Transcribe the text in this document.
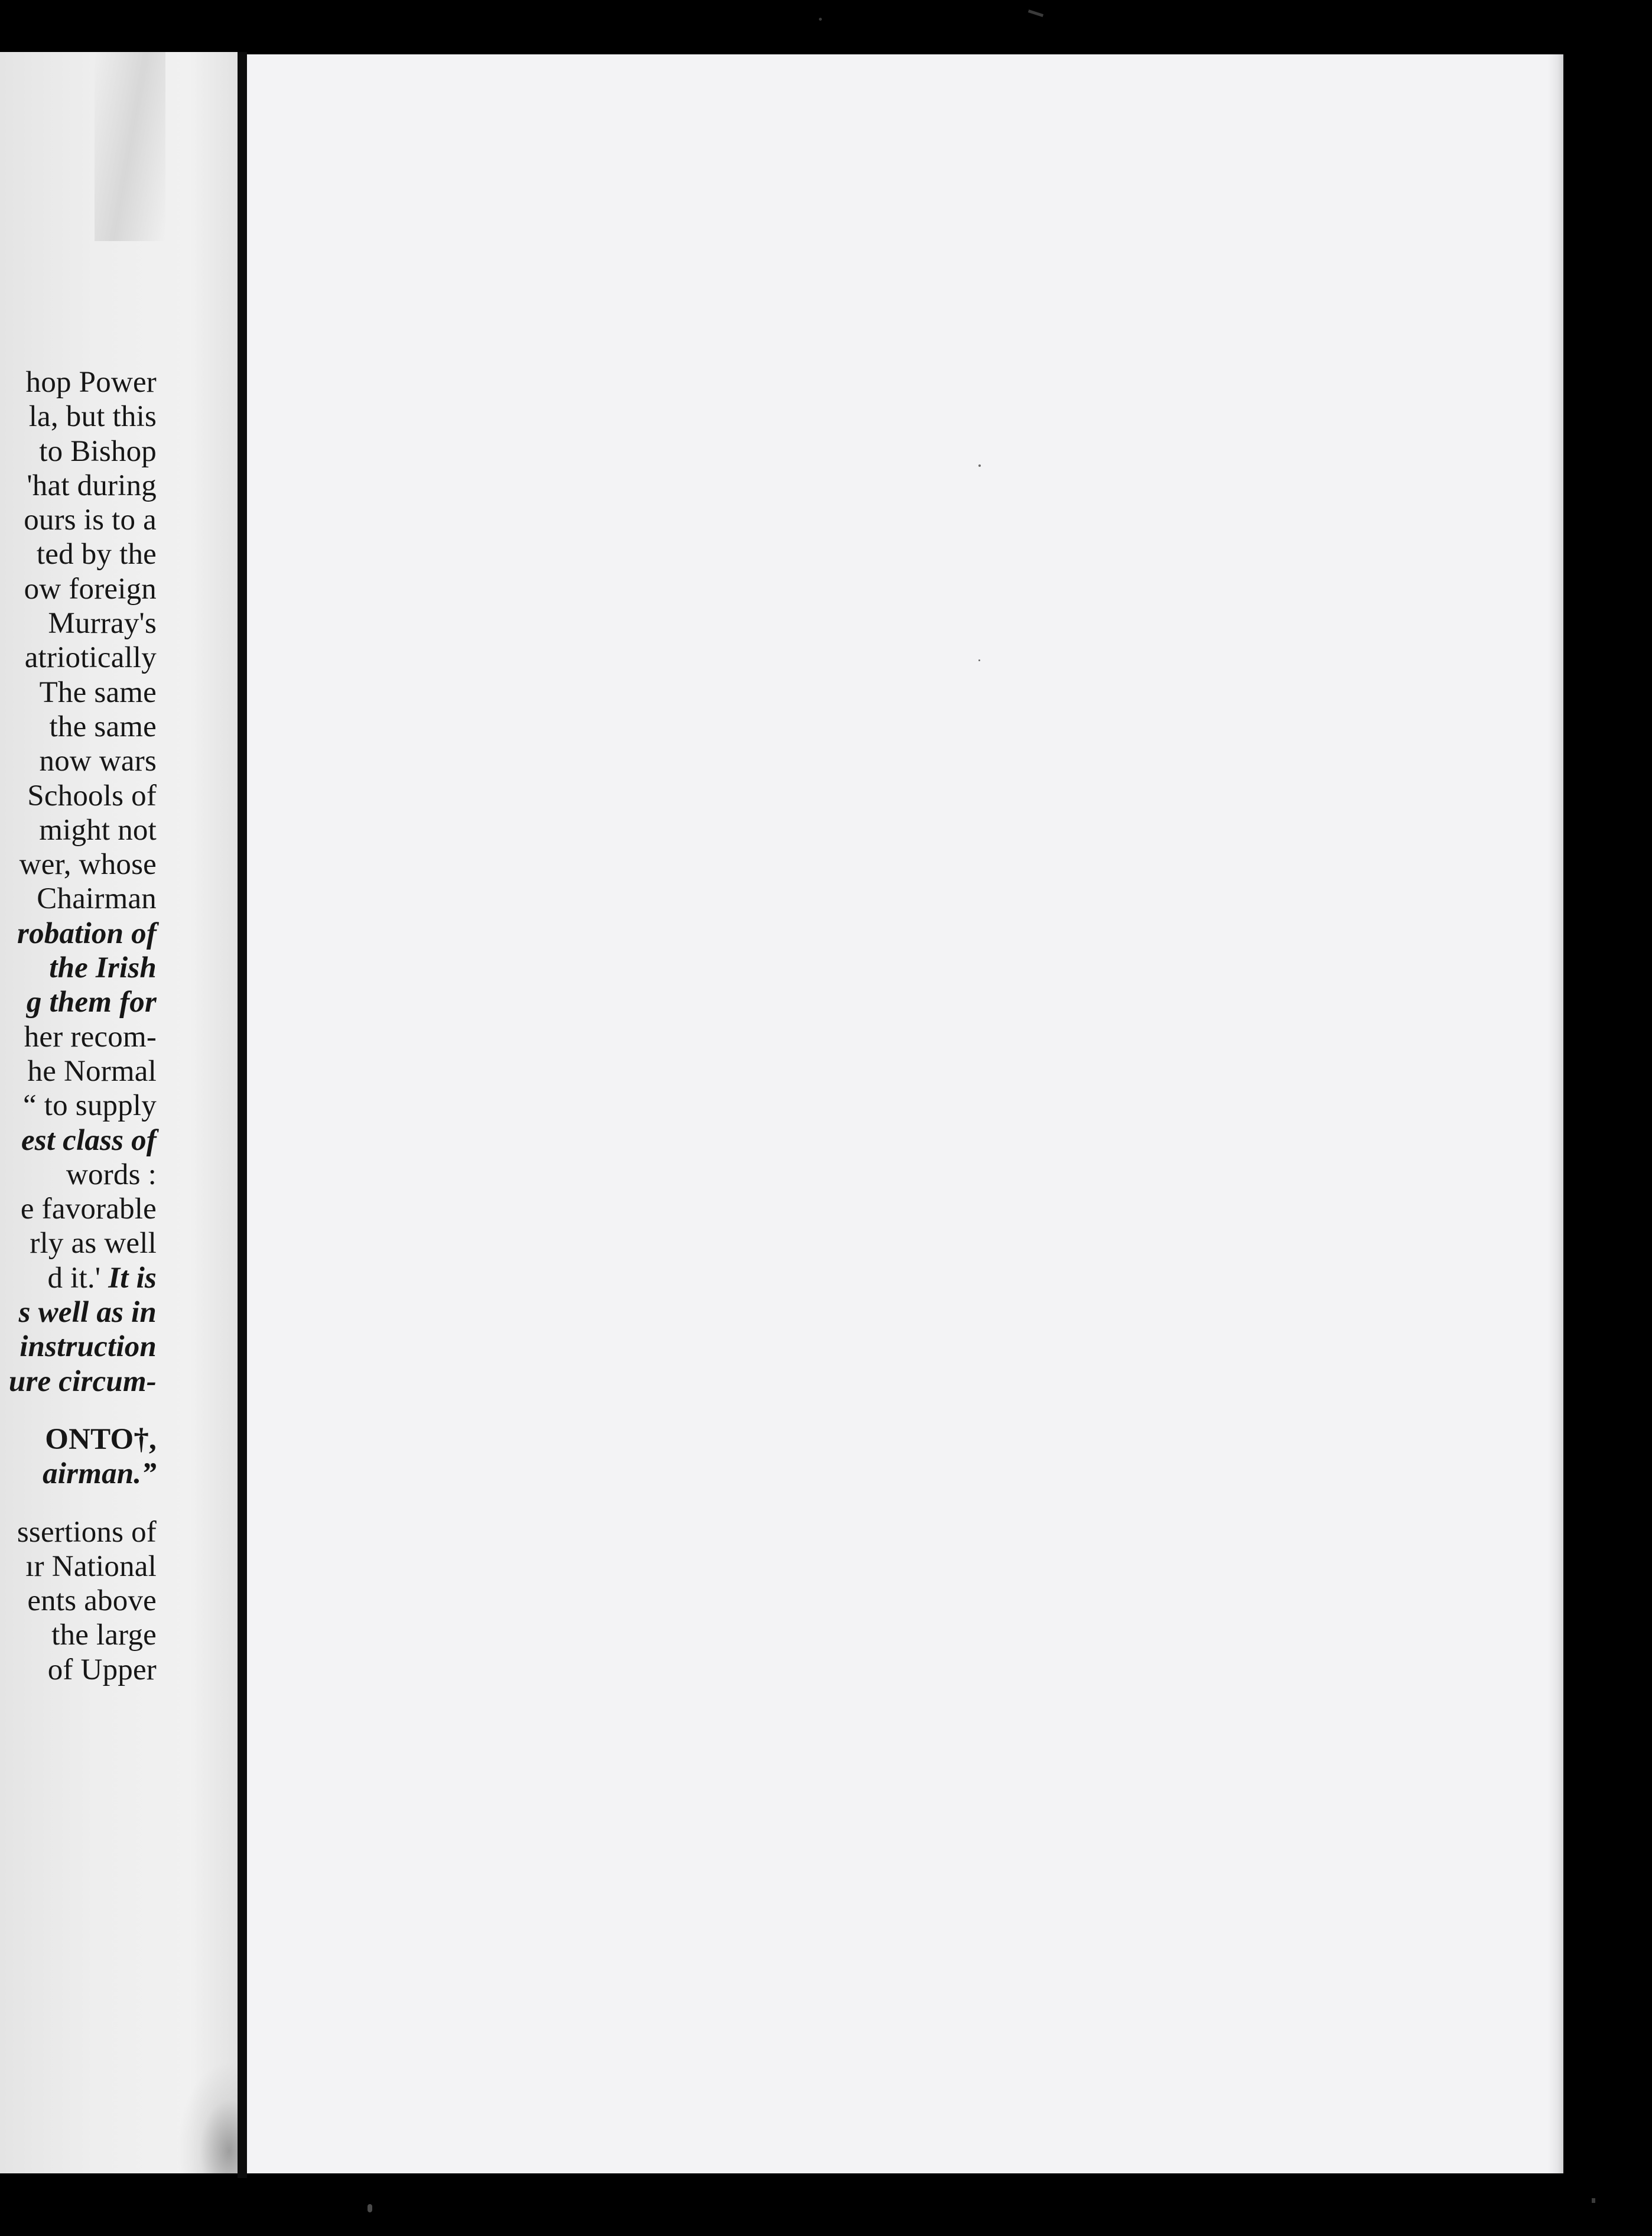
hop Power
la, but this
to Bishop
'hat during
ours is to a
ted by the
ow foreign
Murray's
atriotically
The same
the same
now wars
Schools of
might not
wer, whose
Chairman
robation of
the Irish
g them for
her recom-
he Normal
“ to supply
est class of
words :
e favorable
rly as well
d it.' It is
s well as in
instruction
ure circum-
ONTO†,
airman.”
ssertions of
ır National
ents above
the large
of Upper
